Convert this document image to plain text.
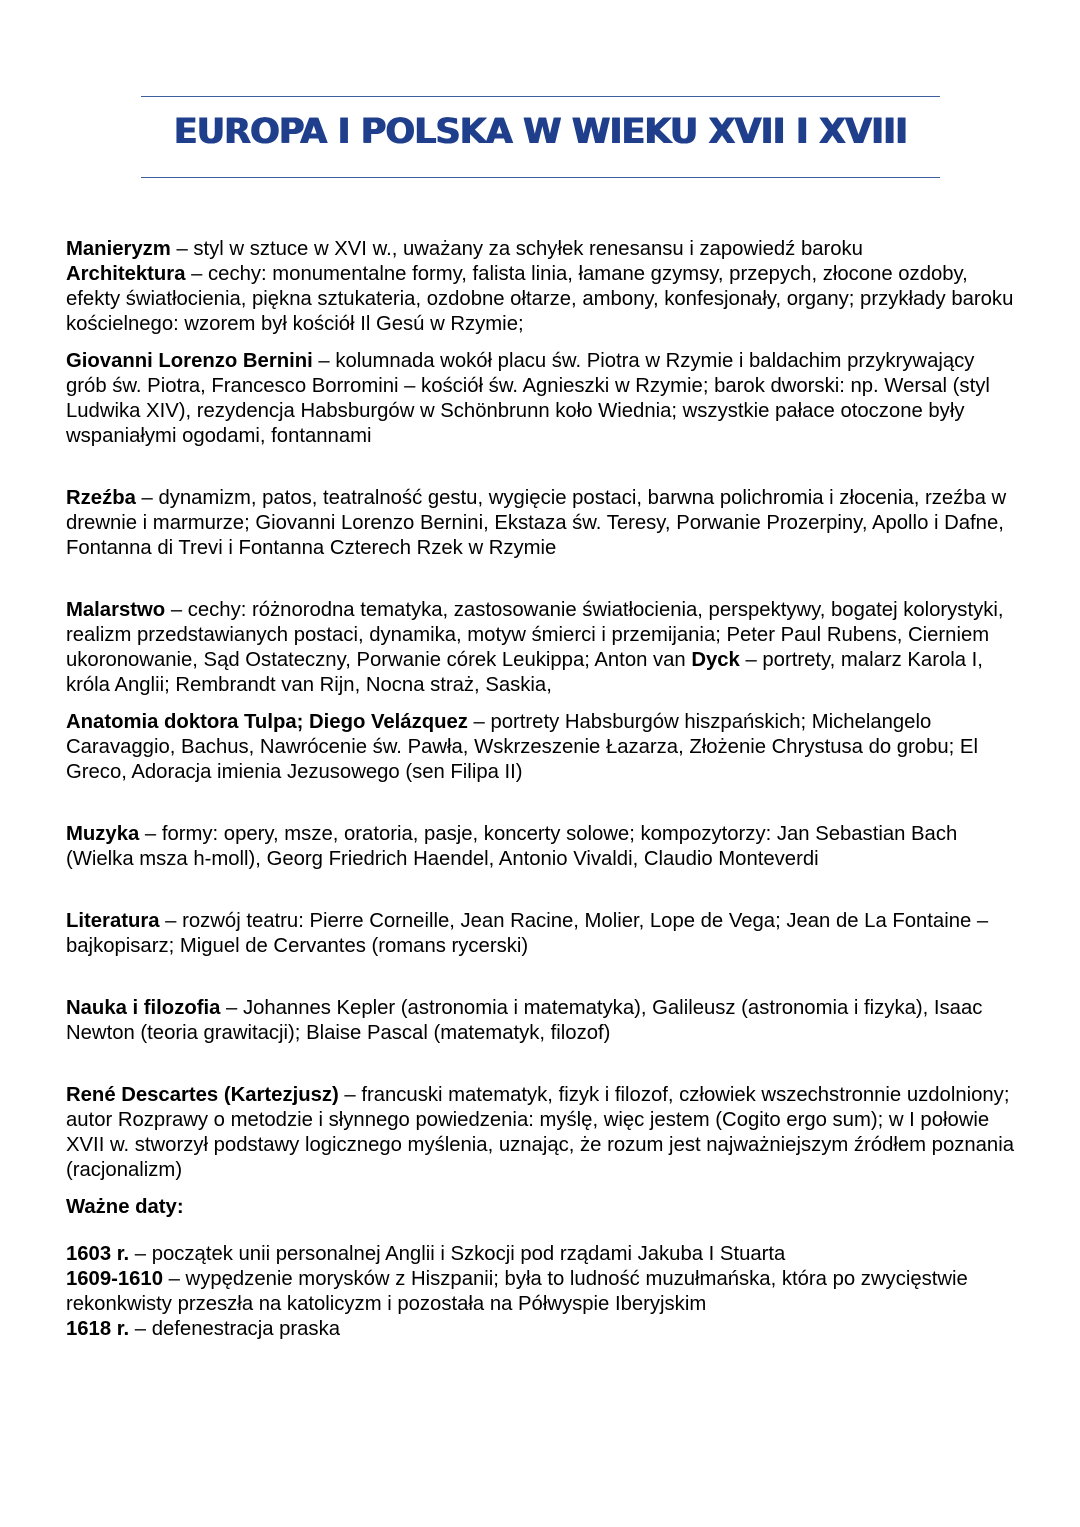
EUROPA I POLSKA W WIEKU XVII I XVIII

Manieryzm – styl w sztuce w XVI w., uważany za schyłek renesansu i zapowiedź baroku

Architektura – cechy: monumentalne formy, falista linia, łamane gzymsy, przepych, złocone ozdoby, efekty światłocienia, piękna sztukateria, ozdobne ołtarze, ambony, konfesjonały, organy; przykłady baroku kościelnego: wzorem był kościół Il Gesú w Rzymie;

Giovanni Lorenzo Bernini – kolumnada wokół placu św. Piotra w Rzymie i baldachim przykrywający grób św. Piotra, Francesco Borromini – kościół św. Agnieszki w Rzymie; barok dworski: np. Wersal (styl Ludwika XIV), rezydencja Habsburgów w Schönbrunn koło Wiednia; wszystkie pałace otoczone były wspaniałymi ogodami, fontannami

Rzeźba – dynamizm, patos, teatralność gestu, wygięcie postaci, barwna polichromia i złocenia, rzeźba w drewnie i marmurze; Giovanni Lorenzo Bernini, Ekstaza św. Teresy, Porwanie Prozerpiny, Apollo i Dafne, Fontanna di Trevi i Fontanna Czterech Rzek w Rzymie

Malarstwo – cechy: różnorodna tematyka, zastosowanie światłocienia, perspektywy, bogatej kolorystyki, realizm przedstawianych postaci, dynamika, motyw śmierci i przemijania; Peter Paul Rubens, Cierniem ukoronowanie, Sąd Ostateczny, Porwanie córek Leukippa; Anton van Dyck – portrety, malarz Karola I, króla Anglii; Rembrandt van Rijn, Nocna straż, Saskia,

Anatomia doktora Tulpa; Diego Velázquez – portrety Habsburgów hiszpańskich; Michelangelo Caravaggio, Bachus, Nawrócenie św. Pawła, Wskrzeszenie Łazarza, Złożenie Chrystusa do grobu; El Greco, Adoracja imienia Jezusowego (sen Filipa II)

Muzyka – formy: opery, msze, oratoria, pasje, koncerty solowe; kompozytorzy: Jan Sebastian Bach (Wielka msza h-moll), Georg Friedrich Haendel, Antonio Vivaldi, Claudio Monteverdi

Literatura – rozwój teatru: Pierre Corneille, Jean Racine, Molier, Lope de Vega; Jean de La Fontaine – bajkopisarz; Miguel de Cervantes (romans rycerski)

Nauka i filozofia – Johannes Kepler (astronomia i matematyka), Galileusz (astronomia i fizyka), Isaac Newton (teoria grawitacji); Blaise Pascal (matematyk, filozof)

René Descartes (Kartezjusz) – francuski matematyk, fizyk i filozof, człowiek wszechstronnie uzdolniony; autor Rozprawy o metodzie i słynnego powiedzenia: myślę, więc jestem (Cogito ergo sum); w I połowie XVII w. stworzył podstawy logicznego myślenia, uznając, że rozum jest najważniejszym źródłem poznania (racjonalizm)

Ważne daty:

1603 r. – początek unii personalnej Anglii i Szkocji pod rządami Jakuba I Stuarta

1609-1610 – wypędzenie morysków z Hiszpanii; była to ludność muzułmańska, która po zwycięstwie rekonkwisty przeszła na katolicyzm i pozostała na Półwyspie Iberyjskim

1618 r. – defenestracja praska
